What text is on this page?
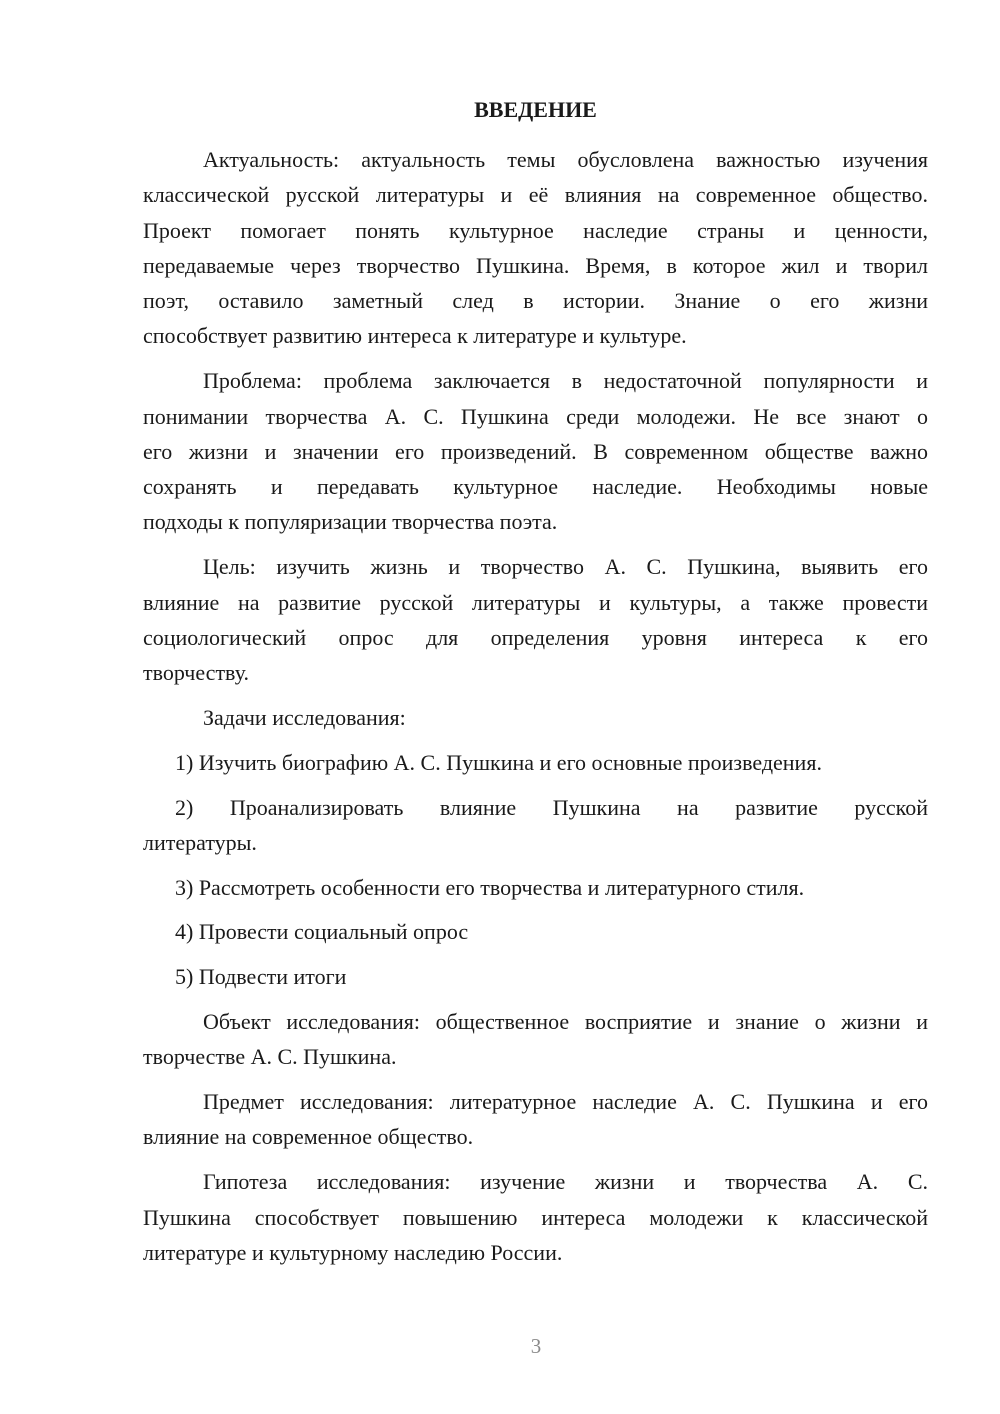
ВВЕДЕНИЕ
Актуальность: актуальность темы обусловлена важностью изучения
классической русской литературы и её влияния на современное общество.
Проект помогает понять культурное наследие страны и ценности,
передаваемые через творчество Пушкина. Время, в которое жил и творил
поэт, оставило заметный след в истории. Знание о его жизни
способствует развитию интереса к литературе и культуре.
Проблема: проблема заключается в недостаточной популярности и
понимании творчества А. С. Пушкина среди молодежи. Не все знают о
его жизни и значении его произведений. В современном обществе важно
сохранять и передавать культурное наследие. Необходимы новые
подходы к популяризации творчества поэта.
Цель: изучить жизнь и творчество А. С. Пушкина, выявить его
влияние на развитие русской литературы и культуры, а также провести
социологический опрос для определения уровня интереса к его
творчеству.
Задачи исследования:
1) Изучить биографию А. С. Пушкина и его основные произведения.
2) Проанализировать влияние Пушкина на развитие русской
литературы.
3) Рассмотреть особенности его творчества и литературного стиля.
4) Провести социальный опрос
5) Подвести итоги
Объект исследования: общественное восприятие и знание о жизни и
творчестве А. С. Пушкина.
Предмет исследования: литературное наследие А. С. Пушкина и его
влияние на современное общество.
Гипотеза исследования: изучение жизни и творчества А. С.
Пушкина способствует повышению интереса молодежи к классической
литературе и культурному наследию России.
3
